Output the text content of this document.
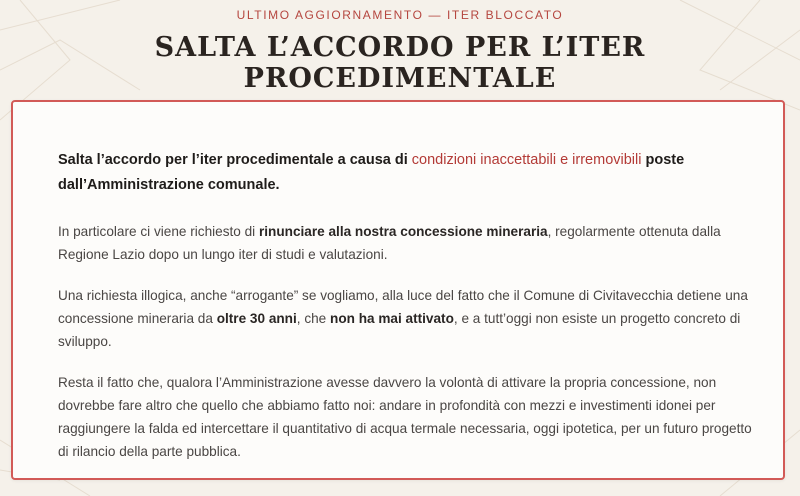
ULTIMO AGGIORNAMENTO — ITER BLOCCATO
SALTA L’ACCORDO PER L’ITER PROCEDIMENTALE

Salta l’accordo per l’iter procedimentale a causa di condizioni inaccettabili e irremovibili poste dall’Amministrazione comunale.

In particolare ci viene richiesto di rinunciare alla nostra concessione mineraria, regolarmente ottenuta dalla Regione Lazio dopo un lungo iter di studi e valutazioni.

Una richiesta illogica, anche “arrogante” se vogliamo, alla luce del fatto che il Comune di Civitavecchia detiene una concessione mineraria da oltre 30 anni, che non ha mai attivato, e a tutt’oggi non esiste un progetto concreto di sviluppo.

Resta il fatto che, qualora l’Amministrazione avesse davvero la volontà di attivare la propria concessione, non dovrebbe fare altro che quello che abbiamo fatto noi: andare in profondità con mezzi e investimenti idonei per raggiungere la falda ed intercettare il quantitativo di acqua termale necessaria, oggi ipotetica, per un futuro progetto di rilancio della parte pubblica.
